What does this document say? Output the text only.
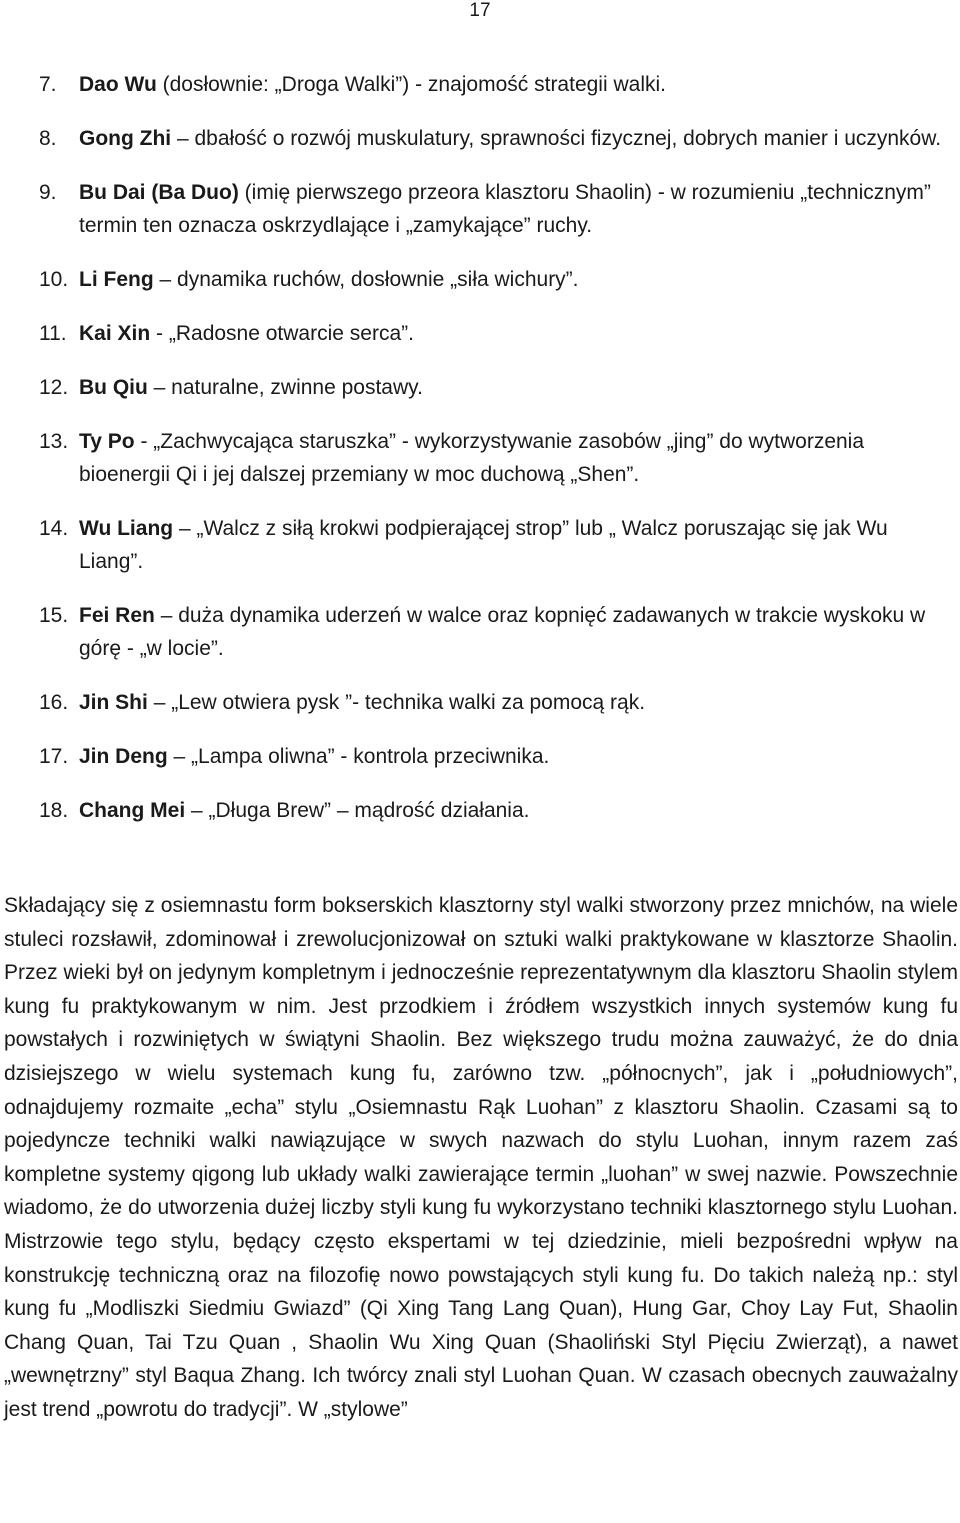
17
7. Dao Wu (dosłownie: „Droga Walki”) - znajomość strategii walki.
8. Gong Zhi – dbałość o rozwój muskulatury, sprawności fizycznej, dobrych manier i uczynków.
9. Bu Dai (Ba Duo) (imię pierwszego przeora klasztoru Shaolin) - w rozumieniu „technicznym” termin ten oznacza oskrzydlające i „zamykające” ruchy.
10. Li Feng – dynamika ruchów, dosłownie „siła wichury”.
11. Kai Xin - „Radosne otwarcie serca”.
12. Bu Qiu – naturalne, zwinne postawy.
13. Ty Po - „Zachwycająca staruszka” - wykorzystywanie zasobów „jing” do wytworzenia bioenergii Qi i jej dalszej przemiany w moc duchową „Shen”.
14. Wu Liang – „Walcz z siłą krokwi podpierającej strop” lub „ Walcz poruszając się jak Wu Liang”.
15. Fei Ren – duża dynamika uderzeń w walce oraz kopnięć zadawanych w trakcie wyskoku w górę - „w locie”.
16. Jin Shi – „Lew otwiera pysk ”- technika walki za pomocą rąk.
17. Jin Deng – „Lampa oliwna” - kontrola przeciwnika.
18. Chang Mei – „Długa Brew” – mądrość działania.

Składający się z osiemnastu form bokserskich klasztorny styl walki stworzony przez mnichów, na wiele stuleci rozsławił, zdominował i zrewolucjonizował on sztuki walki praktykowane w klasztorze Shaolin. Przez wieki był on jedynym kompletnym i jednocześnie reprezentatywnym dla klasztoru Shaolin stylem kung fu praktykowanym w nim. Jest przodkiem i źródłem wszystkich innych systemów kung fu powstałych i rozwiniętych w świątyni Shaolin. Bez większego trudu można zauważyć, że do dnia dzisiejszego w wielu systemach kung fu, zarówno tzw. „północnych”, jak i „południowych”, odnajdujemy rozmaite „echa” stylu „Osiemnastu Rąk Luohan” z klasztoru Shaolin. Czasami są to pojedyncze techniki walki nawiązujące w swych nazwach do stylu Luohan, innym razem zaś kompletne systemy qigong lub układy walki zawierające termin „luohan” w swej nazwie. Powszechnie wiadomo, że do utworzenia dużej liczby styli kung fu wykorzystano techniki klasztornego stylu Luohan. Mistrzowie tego stylu, będący często ekspertami w tej dziedzinie, mieli bezpośredni wpływ na konstrukcję techniczną oraz na filozofię nowo powstających styli kung fu. Do takich należą np.: styl kung fu „Modliszki Siedmiu Gwiazd” (Qi Xing Tang Lang Quan), Hung Gar, Choy Lay Fut, Shaolin Chang Quan, Tai Tzu Quan , Shaolin Wu Xing Quan (Shaoliński Styl Pięciu Zwierząt), a nawet „wewnętrzny” styl Baqua Zhang. Ich twórcy znali styl Luohan Quan. W czasach obecnych zauważalny jest trend „powrotu do tradycji”. W „stylowe”
